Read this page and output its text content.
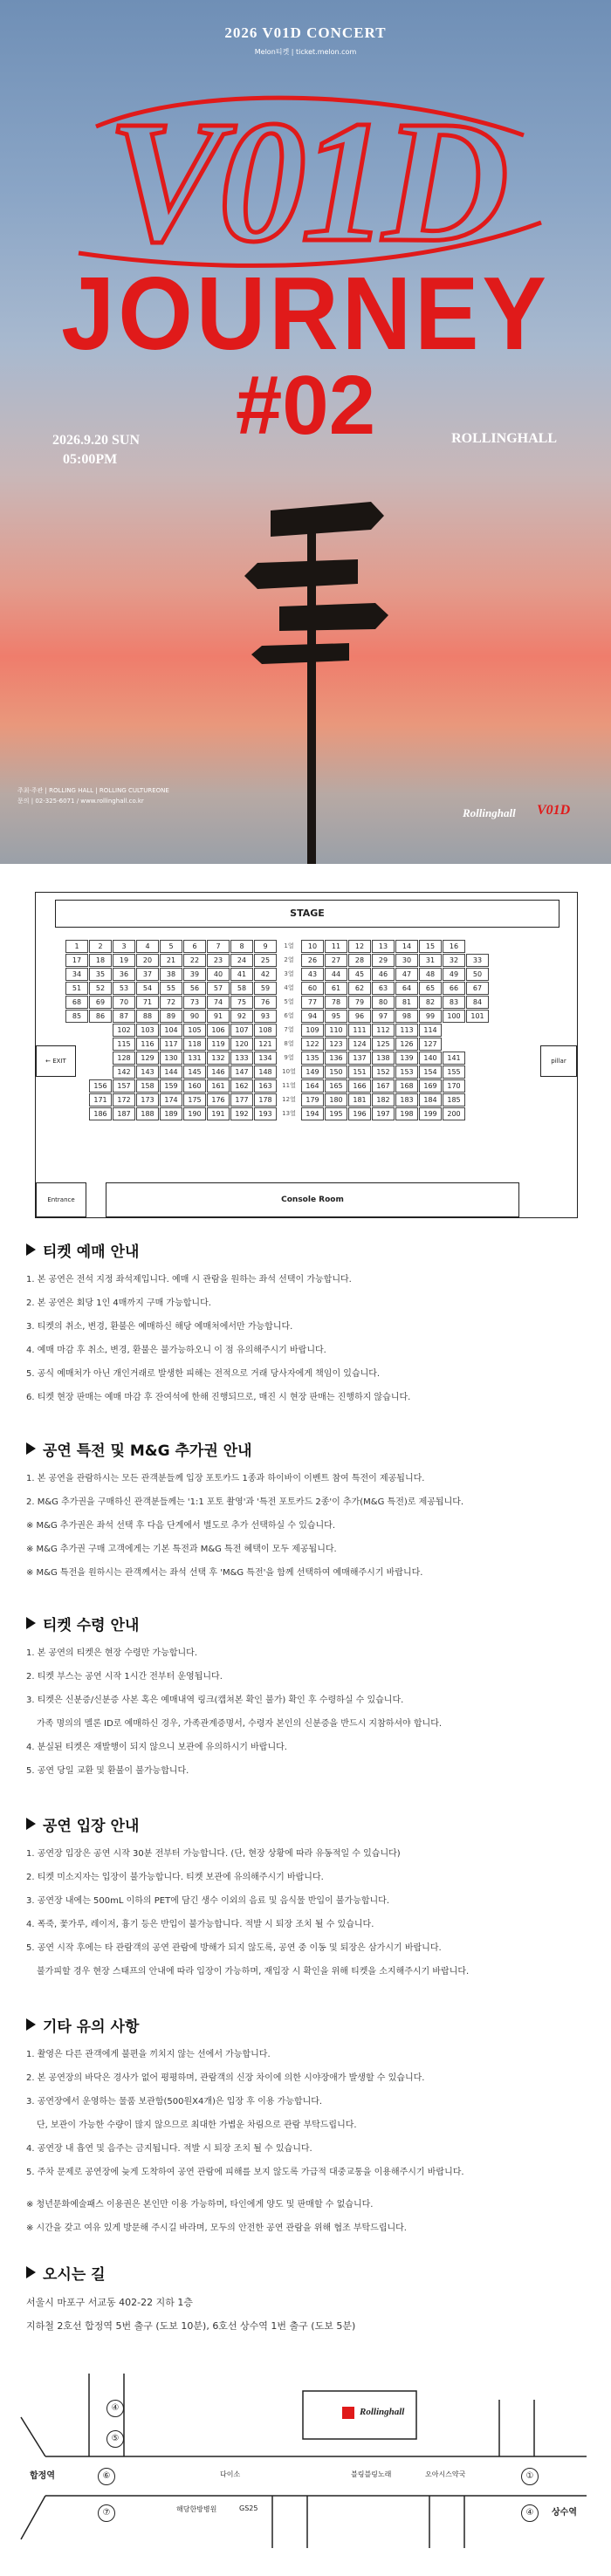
2026 V01D CONCERT
Melon티켓 | ticket.melon.com
V01D
JOURNEY
#02
2026.9.20 SUN
05:00PM
ROLLINGHALL
주최·주관 | ROLLING HALL | ROLLING CULTUREONE
문의 | 02-325-6071 / www.rollinghall.co.kr
Rollinghall V01D
STAGE
1	2	3	4	5	6	7	8	9	1열	10	11	12	13	14	15	16
17	18	19	20	21	22	23	24	25	2열	26	27	28	29	30	31	32	33
34	35	36	37	38	39	40	41	42	3열	43	44	45	46	47	48	49	50
51	52	53	54	55	56	57	58	59	4열	60	61	62	63	64	65	66	67
68	69	70	71	72	73	74	75	76	5열	77	78	79	80	81	82	83	84
85	86	87	88	89	90	91	92	93	6열	94	95	96	97	98	99	100	101
102	103	104	105	106	107	108	7열	109	110	111	112	113	114
115	116	117	118	119	120	121	8열	122	123	124	125	126	127
128	129	130	131	132	133	134	9열	135	136	137	138	139	140	141
142	143	144	145	146	147	148	10열	149	150	151	152	153	154	155
156	157	158	159	160	161	162	163	11열	164	165	166	167	168	169	170
171	172	173	174	175	176	177	178	12열	179	180	181	182	183	184	185
186	187	188	189	190	191	192	193	13열	194	195	196	197	198	199	200
← EXIT	pillar
Entrance	Console Room
티켓 예매 안내

1. 본 공연은 전석 지정 좌석제입니다. 예매 시 관람을 원하는 좌석 선택이 가능합니다.

2. 본 공연은 회당 1인 4매까지 구매 가능합니다.

3. 티켓의 취소, 변경, 환불은 예매하신 해당 예매처에서만 가능합니다.

4. 예매 마감 후 취소, 변경, 환불은 불가능하오니 이 점 유의해주시기 바랍니다.

5. 공식 예매처가 아닌 개인거래로 발생한 피해는 전적으로 거래 당사자에게 책임이 있습니다.

6. 티켓 현장 판매는 예매 마감 후 잔여석에 한해 진행되므로, 매진 시 현장 판매는 진행하지 않습니다.

공연 특전 및 M&G 추가권 안내

1. 본 공연을 관람하시는 모든 관객분들께 입장 포토카드 1종과 하이바이 이벤트 참여 특전이 제공됩니다.

2. M&G 추가권을 구매하신 관객분들께는 '1:1 포토 촬영'과 '특전 포토카드 2종'이 추가(M&G 특전)로 제공됩니다.

※ M&G 추가권은 좌석 선택 후 다음 단계에서 별도로 추가 선택하실 수 있습니다.

※ M&G 추가권 구매 고객에게는 기본 특전과 M&G 특전 혜택이 모두 제공됩니다.

※ M&G 특전을 원하시는 관객께서는 좌석 선택 후 'M&G 특전'을 함께 선택하여 예매해주시기 바랍니다.

티켓 수령 안내

1. 본 공연의 티켓은 현장 수령만 가능합니다.

2. 티켓 부스는 공연 시작 1시간 전부터 운영됩니다.

3. 티켓은 신분증/신분증 사본 혹은 예매내역 링크(캡쳐본 확인 불가) 확인 후 수령하실 수 있습니다.

가족 명의의 멜론 ID로 예매하신 경우, 가족관계증명서, 수령자 본인의 신분증을 반드시 지참하셔야 합니다.

4. 분실된 티켓은 재발행이 되지 않으니 보관에 유의하시기 바랍니다.

5. 공연 당일 교환 및 환불이 불가능합니다.

공연 입장 안내

1. 공연장 입장은 공연 시작 30분 전부터 가능합니다. (단, 현장 상황에 따라 유동적일 수 있습니다)

2. 티켓 미소지자는 입장이 불가능합니다. 티켓 보관에 유의해주시기 바랍니다.

3. 공연장 내에는 500mL 이하의 PET에 담긴 생수 이외의 음료 및 음식물 반입이 불가능합니다.

4. 폭죽, 꽃가루, 레이저, 흉기 등은 반입이 불가능합니다. 적발 시 퇴장 조치 될 수 있습니다.

5. 공연 시작 후에는 타 관람객의 공연 관람에 방해가 되지 않도록, 공연 중 이동 및 퇴장은 삼가시기 바랍니다.

불가피할 경우 현장 스태프의 안내에 따라 입장이 가능하며, 재입장 시 확인을 위해 티켓을 소지해주시기 바랍니다.

기타 유의 사항

1. 촬영은 다른 관객에게 불편을 끼치지 않는 선에서 가능합니다.

2. 본 공연장의 바닥은 경사가 없어 평평하며, 관람객의 신장 차이에 의한 시야장애가 발생할 수 있습니다.

3. 공연장에서 운영하는 물품 보관함(500원X4개)은 입장 후 이용 가능합니다.

단, 보관이 가능한 수량이 많지 않으므로 최대한 가볍운 차림으로 관람 부탁드립니다.

4. 공연장 내 흡연 및 음주는 금지됩니다. 적발 시 퇴장 조치 될 수 있습니다.

5. 주차 문제로 공연장에 늦게 도착하여 공연 관람에 피해를 보지 않도록 가급적 대중교통을 이용해주시기 바랍니다.

※ 청년문화예술패스 이용권은 본인만 이용 가능하며, 타인에게 양도 및 판매할 수 없습니다.

※ 시간을 갖고 여유 있게 방문해 주시길 바라며, 모두의 안전한 공연 관람을 위해 협조 부탁드립니다.

오시는 길

서울시 마포구 서교동 402-22 지하 1층

지하철 2호선 합정역 5번 출구 (도보 10분), 6호선 상수역 1번 출구 (도보 5분)

Rollinghall
합정역
상수역
다이소
해당한방병원	GS25
블링블링노래	오아시스약국
④
⑤
⑥
⑦
①
④
